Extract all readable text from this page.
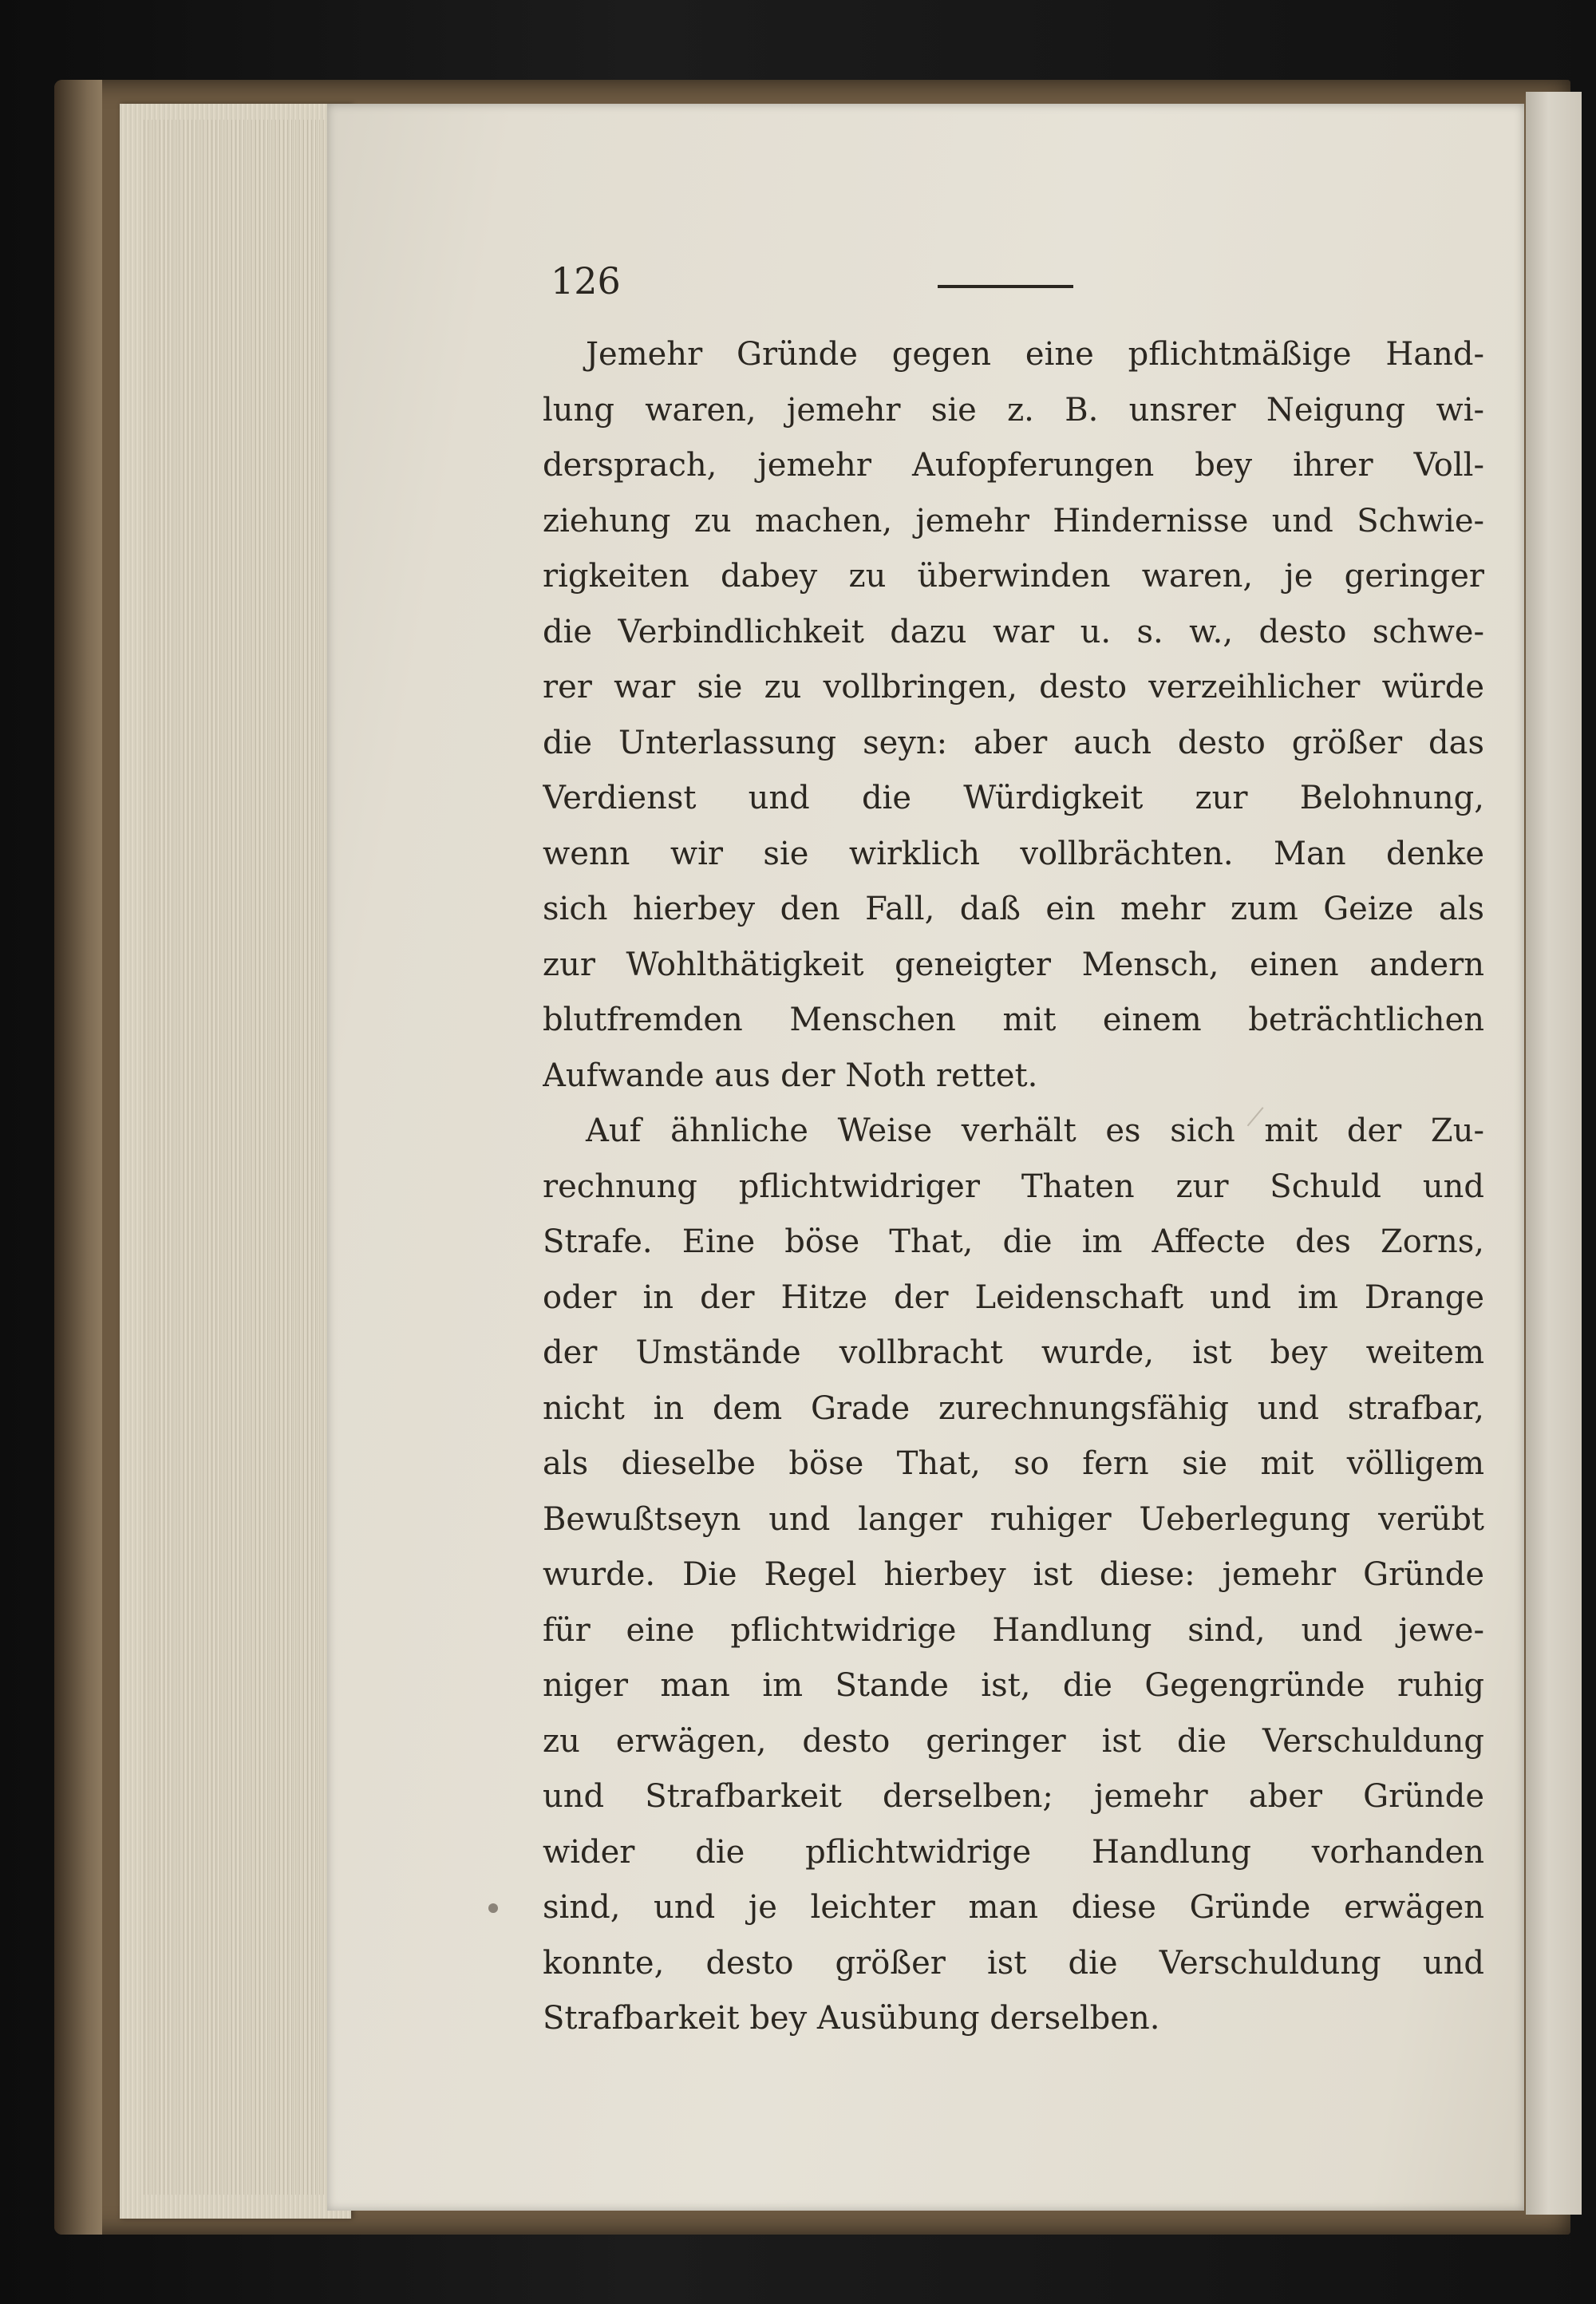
126
Jemehr Gründe gegen eine pflichtmäßige Hand-
lung waren, jemehr sie z. B. unsrer Neigung wi-
dersprach, jemehr Aufopferungen bey ihrer Voll-
ziehung zu machen, jemehr Hindernisse und Schwie-
rigkeiten dabey zu überwinden waren, je geringer
die Verbindlichkeit dazu war u. s. w., desto schwe-
rer war sie zu vollbringen, desto verzeihlicher würde
die Unterlassung seyn: aber auch desto größer das
Verdienst und die Würdigkeit zur Belohnung,
wenn wir sie wirklich vollbrächten. Man denke
sich hierbey den Fall, daß ein mehr zum Geize als
zur Wohlthätigkeit geneigter Mensch, einen andern
blutfremden Menschen mit einem beträchtlichen
Aufwande aus der Noth rettet.
Auf ähnliche Weise verhält es sich mit der Zu-
rechnung pflichtwidriger Thaten zur Schuld und
Strafe. Eine böse That, die im Affecte des Zorns,
oder in der Hitze der Leidenschaft und im Drange
der Umstände vollbracht wurde, ist bey weitem
nicht in dem Grade zurechnungsfähig und strafbar,
als dieselbe böse That, so fern sie mit völligem
Bewußtseyn und langer ruhiger Ueberlegung verübt
wurde. Die Regel hierbey ist diese: jemehr Gründe
für eine pflichtwidrige Handlung sind, und jewe-
niger man im Stande ist, die Gegengründe ruhig
zu erwägen, desto geringer ist die Verschuldung
und Strafbarkeit derselben; jemehr aber Gründe
wider die pflichtwidrige Handlung vorhanden
sind, und je leichter man diese Gründe erwägen
konnte, desto größer ist die Verschuldung und
Strafbarkeit bey Ausübung derselben.
